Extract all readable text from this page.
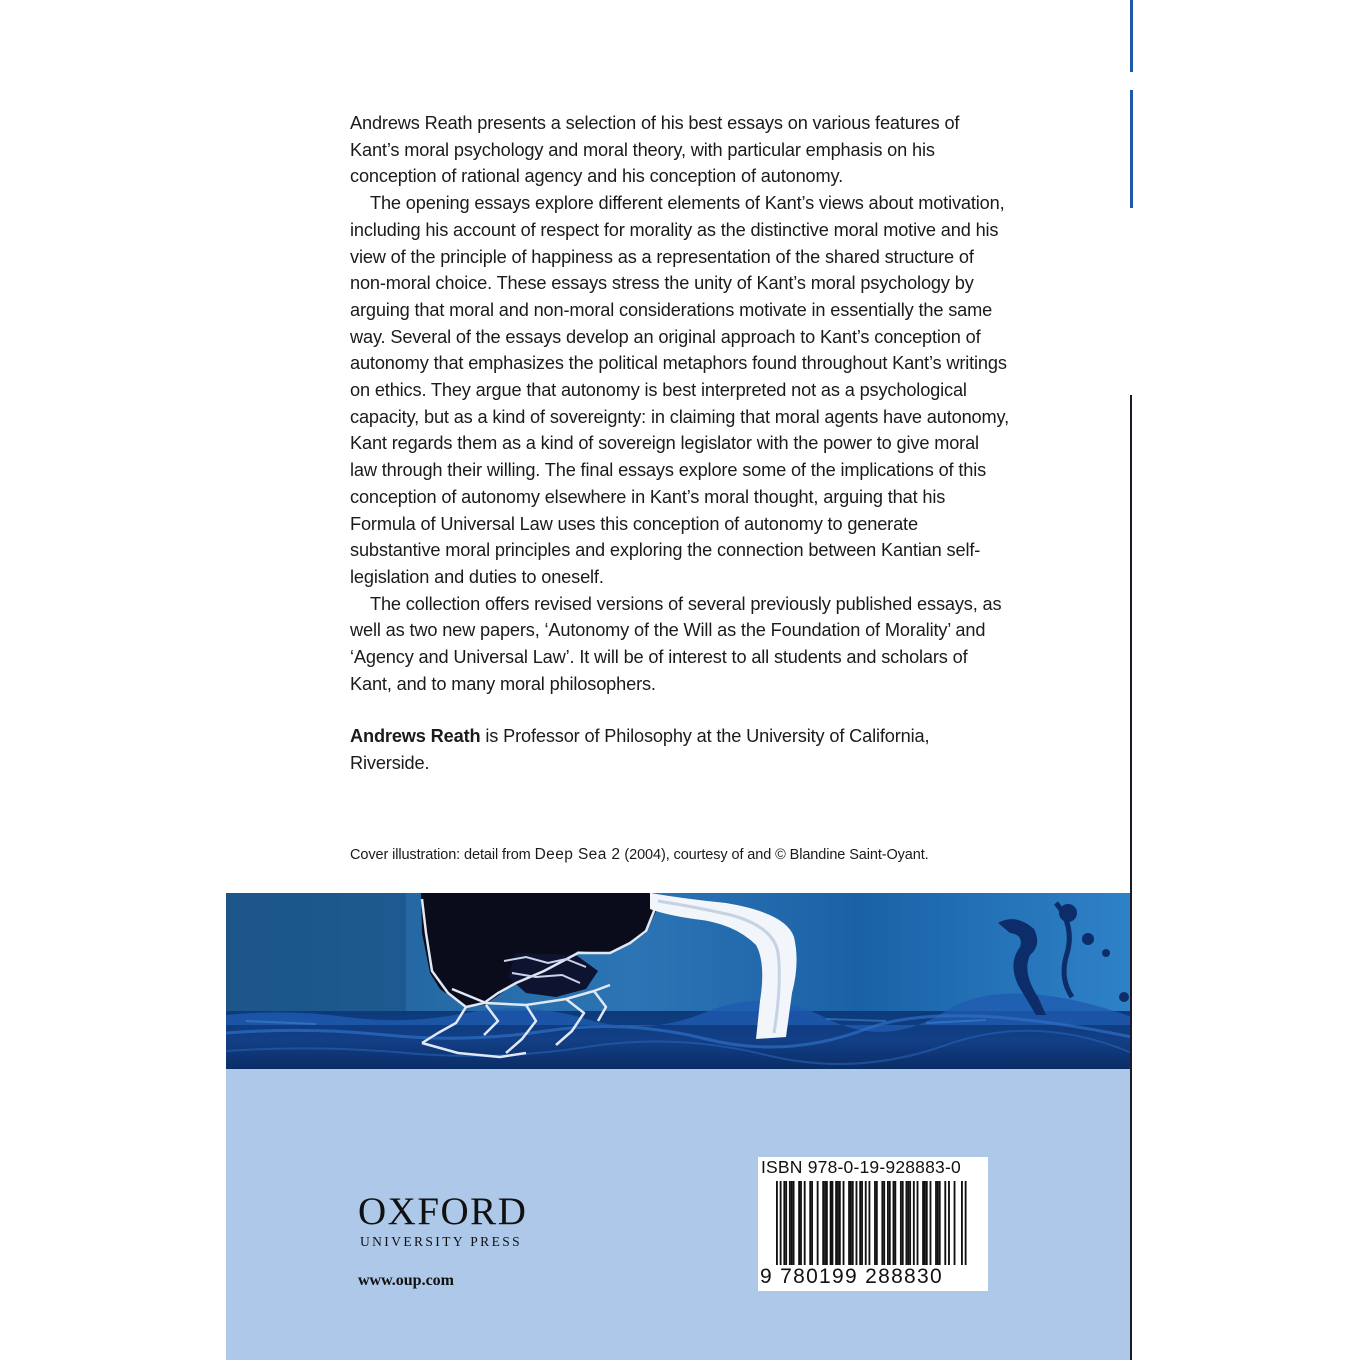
Andrews Reath presents a selection of his best essays on various features of Kant’s moral psychology and moral theory, with particular emphasis on his conception of rational agency and his conception of autonomy.

The opening essays explore different elements of Kant’s views about motivation, including his account of respect for morality as the distinctive moral motive and his view of the principle of happiness as a representation of the shared structure of non-moral choice. These essays stress the unity of Kant’s moral psychology by arguing that moral and non-moral considerations motivate in essentially the same way. Several of the essays develop an original approach to Kant’s conception of autonomy that emphasizes the political metaphors found throughout Kant’s writings on ethics. They argue that autonomy is best interpreted not as a psychological capacity, but as a kind of sovereignty: in claiming that moral agents have autonomy, Kant regards them as a kind of sovereign legislator with the power to give moral law through their willing. The final essays explore some of the implications of this conception of autonomy elsewhere in Kant’s moral thought, arguing that his Formula of Universal Law uses this conception of autonomy to generate substantive moral principles and exploring the connection between Kantian self-legislation and duties to oneself.

The collection offers revised versions of several previously published essays, as well as two new papers, ‘Autonomy of the Will as the Foundation of Morality’ and ‘Agency and Universal Law’. It will be of interest to all students and scholars of Kant, and to many moral philosophers.

Andrews Reath is Professor of Philosophy at the University of California, Riverside.

Cover illustration: detail from Deep Sea 2 (2004), courtesy of and © Blandine Saint-Oyant.
OXFORD
UNIVERSITY PRESS
www.oup.com
ISBN 978-0-19-928883-0
9 780199 288830
